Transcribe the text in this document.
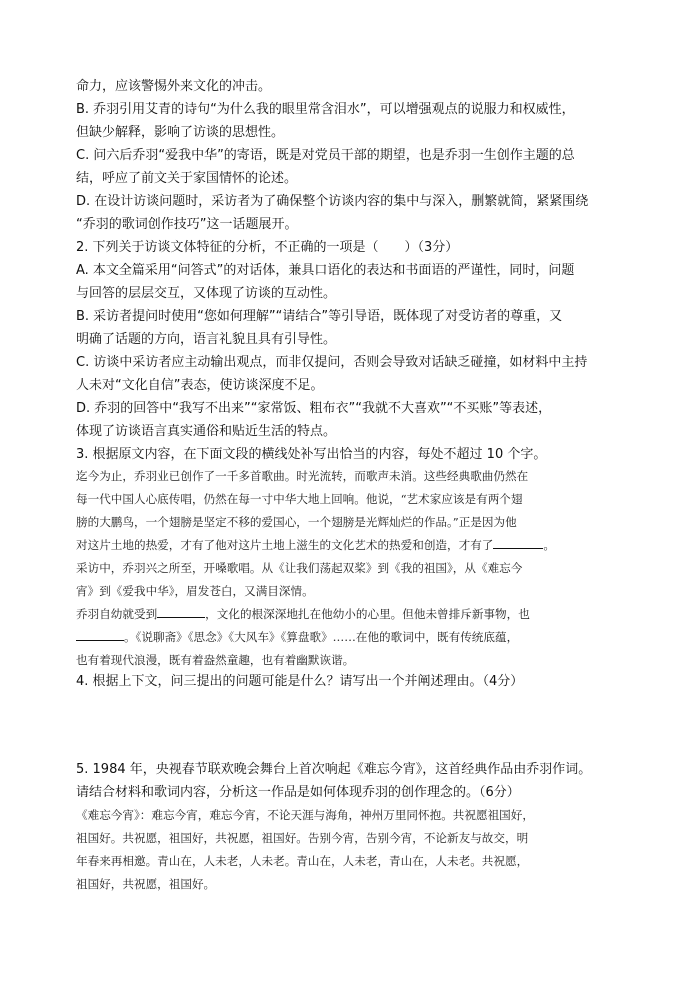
命力，应该警惕外来文化的冲击。
B. 乔羽引用艾青的诗句“为什么我的眼里常含泪水”，可以增强观点的说服力和权威性，
但缺少解释，影响了访谈的思想性。
C. 问六后乔羽“爱我中华”的寄语，既是对党员干部的期望，也是乔羽一生创作主题的总
结，呼应了前文关于家国情怀的论述。
D. 在设计访谈问题时，采访者为了确保整个访谈内容的集中与深入，删繁就简，紧紧围绕
“乔羽的歌词创作技巧”这一话题展开。
2. 下列关于访谈文体特征的分析，不正确的一项是（　　）（3分）
A. 本文全篇采用“问答式”的对话体，兼具口语化的表达和书面语的严谨性，同时，问题
与回答的层层交互，又体现了访谈的互动性。
B. 采访者提问时使用“您如何理解”“请结合”等引导语，既体现了对受访者的尊重，又
明确了话题的方向，语言礼貌且具有引导性。
C. 访谈中采访者应主动输出观点，而非仅提问，否则会导致对话缺乏碰撞，如材料中主持
人未对“文化自信”表态，使访谈深度不足。
D. 乔羽的回答中“我写不出来”“家常饭、粗布衣”“我就不大喜欢”“不买账”等表述，
体现了访谈语言真实通俗和贴近生活的特点。
3. 根据原文内容，在下面文段的横线处补写出恰当的内容，每处不超过 10 个字。
迄今为止，乔羽业已创作了一千多首歌曲。时光流转，而歌声未消。这些经典歌曲仍然在
每一代中国人心底传唱，仍然在每一寸中华大地上回响。他说，“艺术家应该是有两个翅
膀的大鹏鸟，一个翅膀是坚定不移的爱国心，一个翅膀是光辉灿烂的作品。”正是因为他
对这片土地的热爱，才有了他对这片土地上滋生的文化艺术的热爱和创造，才有了	。
采访中，乔羽兴之所至，开嗓歌唱。从《让我们荡起双桨》到《我的祖国》，从《难忘今
宵》到《爱我中华》，眉发苍白，又满目深情。
乔羽自幼就受到	，文化的根深深地扎在他幼小的心里。但他未曾排斥新事物，也
。《说聊斋》《思念》《大风车》《算盘歌》……在他的歌词中，既有传统底蕴，
也有着现代浪漫，既有着盎然童趣，也有着幽默诙谐。
4. 根据上下文，问三提出的问题可能是什么？请写出一个并阐述理由。（4分）
5. 1984 年，央视春节联欢晚会舞台上首次响起《难忘今宵》，这首经典作品由乔羽作词。
请结合材料和歌词内容，分析这一作品是如何体现乔羽的创作理念的。（6分）
《难忘今宵》：难忘今宵，难忘今宵，不论天涯与海角，神州万里同怀抱。共祝愿祖国好，
祖国好。共祝愿，祖国好，共祝愿，祖国好。告别今宵，告别今宵，不论新友与故交，明
年春来再相邀。青山在，人未老，人未老。青山在，人未老，青山在，人未老。共祝愿，
祖国好，共祝愿，祖国好。
